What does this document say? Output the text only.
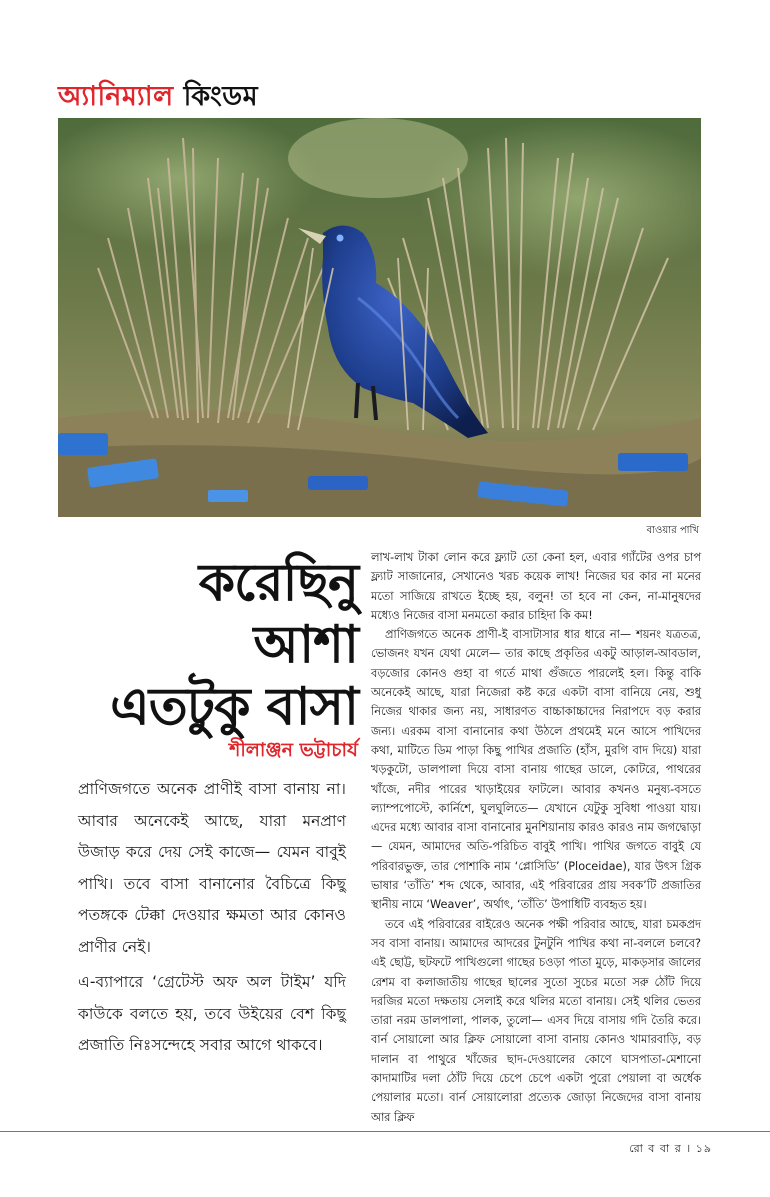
অ্যানিম্যাল কিংডম
বাওয়ার পাখি
করেছিনু
আশা
এতটুকু বাসা
শীলাঞ্জন ভট্টাচার্য

প্রাণিজগতে অনেক প্রাণীই বাসা বানায় না। আবার অনেকেই আছে, যারা মনপ্রাণ উজাড় করে দেয় সেই কাজে— যেমন বাবুই পাখি। তবে বাসা বানানোর বৈচিত্রে কিছু পতঙ্গকে টেক্কা দেওয়ার ক্ষমতা আর কোনও প্রাণীর নেই।

এ-ব্যাপারে ‘গ্রেটেস্ট অফ অল টাইম’ যদি কাউকে বলতে হয়, তবে উইয়ের বেশ কিছু প্রজাতি নিঃসন্দেহে সবার আগে থাকবে।

লাখ-লাখ টাকা লোন করে ফ্ল্যাট তো কেনা হল, এবার গ্যাঁটের ওপর চাপ ফ্ল্যাট সাজানোর, সেখানেও খরচ কয়েক লাখ! নিজের ঘর কার না মনের মতো সাজিয়ে রাখতে ইচ্ছে হয়, বলুন! তা হবে না কেন, না-মানুষদের মধ্যেও নিজের বাসা মনমতো করার চাহিদা কি কম!

প্রাণিজগতে অনেক প্রাণী-ই বাসাটাসার ধার ধারে না— শয়নং যত্রতত্র, ভোজনং যখন যেথা মেলে— তার কাছে প্রকৃতির একটু আড়াল-আবডাল, বড়জোর কোনও গুহা বা গর্তে মাথা গুঁজতে পারলেই হল। কিন্তু বাকি অনেকেই আছে, যারা নিজেরা কষ্ট করে একটা বাসা বানিয়ে নেয়, শুধু নিজের থাকার জন্য নয়, সাধারণত বাচ্চাকাচ্চাদের নিরাপদে বড় করার জন্য। এরকম বাসা বানানোর কথা উঠলে প্রথমেই মনে আসে পাখিদের কথা, মাটিতে ডিম পাড়া কিছু পাখির প্রজাতি (হাঁস, মুরগি বাদ দিয়ে) যারা খড়কুটো, ডালপালা দিয়ে বাসা বানায় গাছের ডালে, কোটরে, পাথরের খাঁজে, নদীর পারের খাড়াইয়ের ফাটলে। আবার কখনও মনুষ্য-বসতে ল্যাম্পপোস্টে, কার্নিশে, ঘুলঘুলিতে— যেখানে যেটুকু সুবিধা পাওয়া যায়। এদের মধ্যে আবার বাসা বানানোর মুনশিয়ানায় কারও কারও নাম জগদ্বোড়া— যেমন, আমাদের অতি-পরিচিত বাবুই পাখি। পাখির জগতে বাবুই যে পরিবারভুক্ত, তার পোশাকি নাম ‘প্লোসিডি’ (Ploceidae), যার উৎস গ্রিক ভাষার ‘তাঁতি’ শব্দ থেকে, আবার, এই পরিবারের প্রায় সবক’টি প্রজাতির স্থানীয় নামে ‘Weaver’, অর্থাৎ, ‘তাঁতি’ উপাধিটি ব্যবহৃত হয়।

তবে এই পরিবারের বাইরেও অনেক পক্ষী পরিবার আছে, যারা চমকপ্রদ সব বাসা বানায়। আমাদের আদরের টুনটুনি পাখির কথা না-বললে চলবে? এই ছোট্ট, ছটফটে পাখিগুলো গাছের চওড়া পাতা মুড়ে, মাকড়সার জালের রেশম বা কলাজাতীয় গাছের ছালের সুতো সুচের মতো সরু ঠোঁট দিয়ে দরজির মতো দক্ষতায় সেলাই করে থলির মতো বানায়। সেই থলির ভেতর তারা নরম ডালপালা, পালক, তুলো— এসব দিয়ে বাসায় গদি তৈরি করে। বার্ন সোয়ালো আর ক্লিফ সোয়ালো বাসা বানায় কোনও খামারবাড়ি, বড় দালান বা পাথুরে খাঁজের ছাদ-দেওয়ালের কোণে ঘাসপাতা-মেশানো কাদামাটির দলা ঠোঁট দিয়ে চেপে চেপে একটা পুরো পেয়ালা বা অর্ধেক পেয়ালার মতো। বার্ন সোয়ালোরা প্রত্যেক জোড়া নিজেদের বাসা বানায় আর ক্লিফ

রো ব বা র । ১৯
